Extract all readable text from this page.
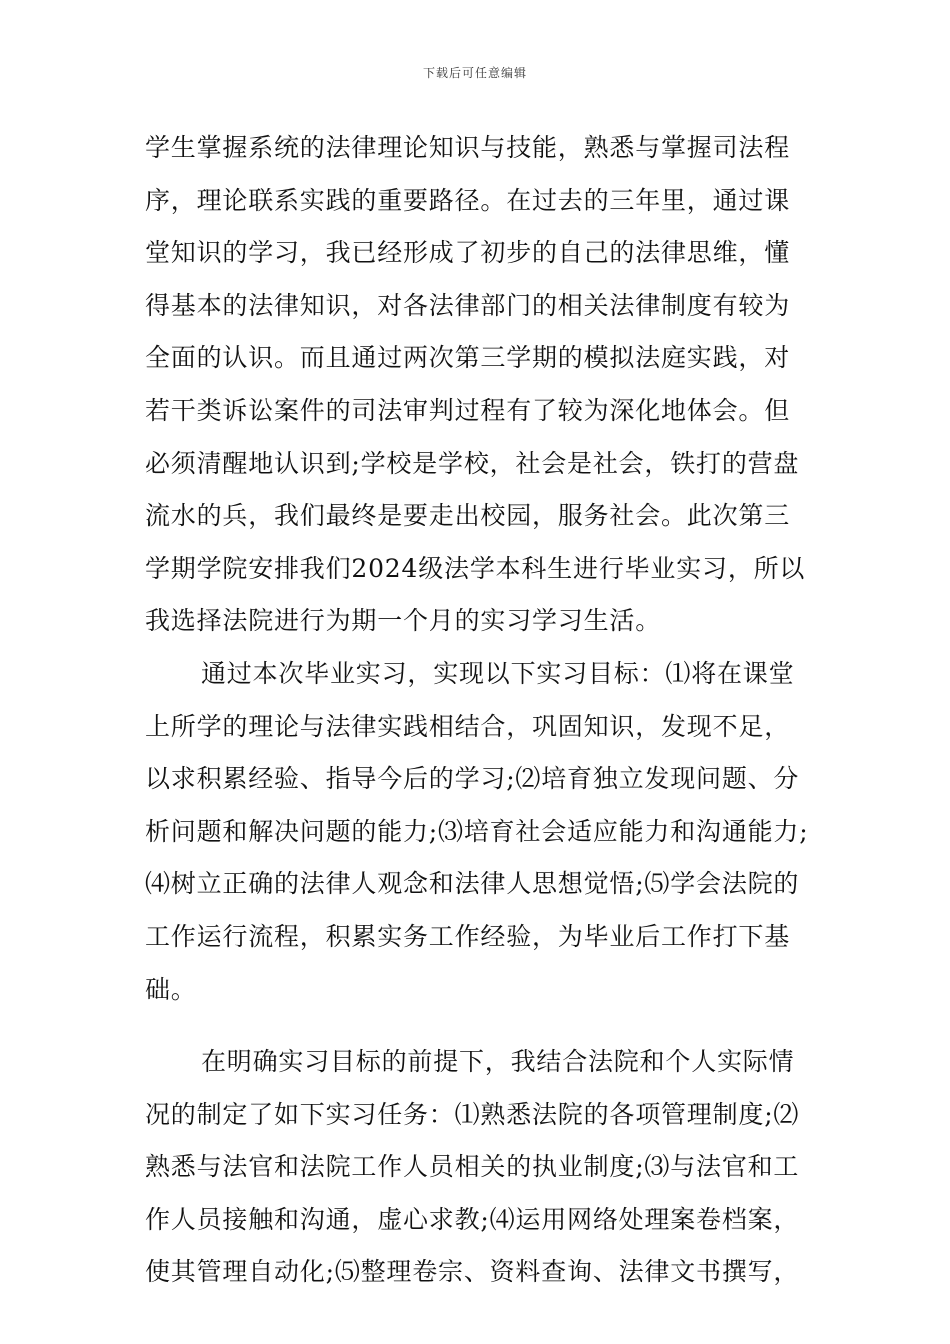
下载后可任意编辑
学生掌握系统的法律理论知识与技能，熟悉与掌握司法程
序，理论联系实践的重要路径。在过去的三年里，通过课
堂知识的学习，我已经形成了初步的自己的法律思维，懂
得基本的法律知识，对各法律部门的相关法律制度有较为
全面的认识。而且通过两次第三学期的模拟法庭实践，对
若干类诉讼案件的司法审判过程有了较为深化地体会。但
必须清醒地认识到;学校是学校，社会是社会，铁打的营盘
流水的兵，我们最终是要走出校园，服务社会。此次第三
学期学院安排我们2024级法学本科生进行毕业实习，所以
我选择法院进行为期一个月的实习学习生活。
通过本次毕业实习，实现以下实习目标：⑴将在课堂
上所学的理论与法律实践相结合，巩固知识，发现不足，
以求积累经验、指导今后的学习;⑵培育独立发现问题、分
析问题和解决问题的能力;⑶培育社会适应能力和沟通能力;
⑷树立正确的法律人观念和法律人思想觉悟;⑸学会法院的
工作运行流程，积累实务工作经验，为毕业后工作打下基
础。
在明确实习目标的前提下，我结合法院和个人实际情
况的制定了如下实习任务：⑴熟悉法院的各项管理制度;⑵
熟悉与法官和法院工作人员相关的执业制度;⑶与法官和工
作人员接触和沟通，虚心求教;⑷运用网络处理案卷档案，
使其管理自动化;⑸整理卷宗、资料查询、法律文书撰写，
